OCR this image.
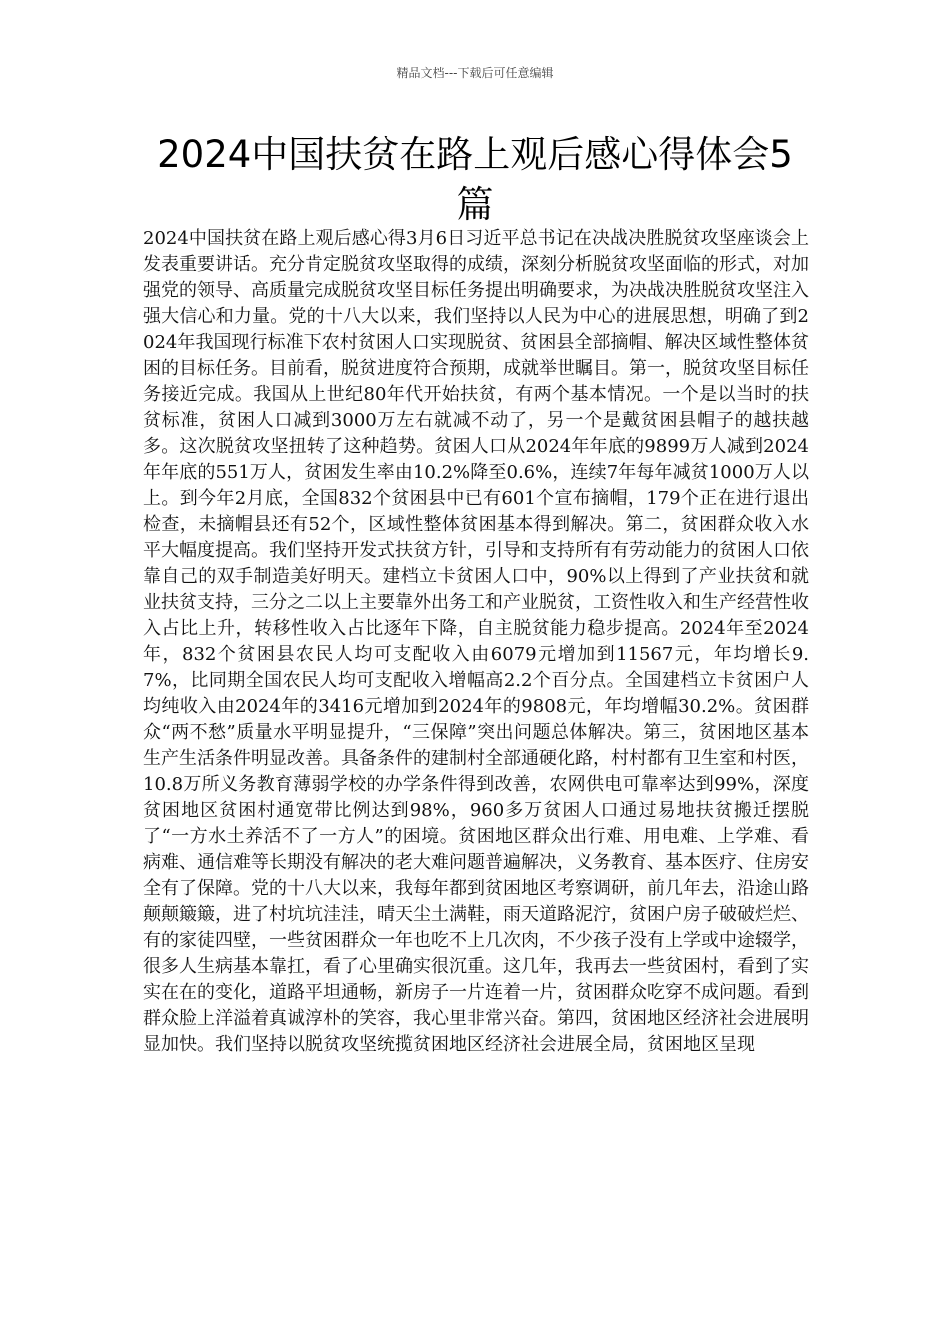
精品文档---下载后可任意编辑
2024中国扶贫在路上观后感心得体会5篇

2024中国扶贫在路上观后感心得3月6日习近平总书记在决战决胜脱贫攻坚座谈会上发表重要讲话。充分肯定脱贫攻坚取得的成绩，深刻分析脱贫攻坚面临的形式，对加强党的领导、高质量完成脱贫攻坚目标任务提出明确要求，为决战决胜脱贫攻坚注入强大信心和力量。党的十八大以来，我们坚持以人民为中心的进展思想，明确了到2024年我国现行标准下农村贫困人口实现脱贫、贫困县全部摘帽、解决区域性整体贫困的目标任务。目前看，脱贫进度符合预期，成就举世瞩目。第一，脱贫攻坚目标任务接近完成。我国从上世纪80年代开始扶贫，有两个基本情况。一个是以当时的扶贫标准，贫困人口减到3000万左右就减不动了，另一个是戴贫困县帽子的越扶越多。这次脱贫攻坚扭转了这种趋势。贫困人口从2024年年底的9899万人减到2024年年底的551万人，贫困发生率由10.2%降至0.6%，连续7年每年减贫1000万人以上。到今年2月底，全国832个贫困县中已有601个宣布摘帽，179个正在进行退出检查，未摘帽县还有52个，区域性整体贫困基本得到解决。第二，贫困群众收入水平大幅度提高。我们坚持开发式扶贫方针，引导和支持所有有劳动能力的贫困人口依靠自己的双手制造美好明天。建档立卡贫困人口中，90%以上得到了产业扶贫和就业扶贫支持，三分之二以上主要靠外出务工和产业脱贫，工资性收入和生产经营性收入占比上升，转移性收入占比逐年下降，自主脱贫能力稳步提高。2024年至2024年，832个贫困县农民人均可支配收入由6079元增加到11567元，年均增长9.7%，比同期全国农民人均可支配收入增幅高2.2个百分点。全国建档立卡贫困户人均纯收入由2024年的3416元增加到2024年的9808元，年均增幅30.2%。贫困群众“两不愁”质量水平明显提升，“三保障”突出问题总体解决。第三，贫困地区基本生产生活条件明显改善。具备条件的建制村全部通硬化路，村村都有卫生室和村医，10.8万所义务教育薄弱学校的办学条件得到改善，农网供电可靠率达到99%，深度贫困地区贫困村通宽带比例达到98%，960多万贫困人口通过易地扶贫搬迁摆脱了“一方水土养活不了一方人”的困境。贫困地区群众出行难、用电难、上学难、看病难、通信难等长期没有解决的老大难问题普遍解决，义务教育、基本医疗、住房安全有了保障。党的十八大以来，我每年都到贫困地区考察调研，前几年去，沿途山路颠颠簸簸，进了村坑坑洼洼，晴天尘土满鞋，雨天道路泥泞，贫困户房子破破烂烂、有的家徒四壁，一些贫困群众一年也吃不上几次肉，不少孩子没有上学或中途辍学，很多人生病基本靠扛，看了心里确实很沉重。这几年，我再去一些贫困村，看到了实实在在的变化，道路平坦通畅，新房子一片连着一片，贫困群众吃穿不成问题。看到群众脸上洋溢着真诚淳朴的笑容，我心里非常兴奋。第四，贫困地区经济社会进展明显加快。我们坚持以脱贫攻坚统揽贫困地区经济社会进展全局，贫困地区呈现
